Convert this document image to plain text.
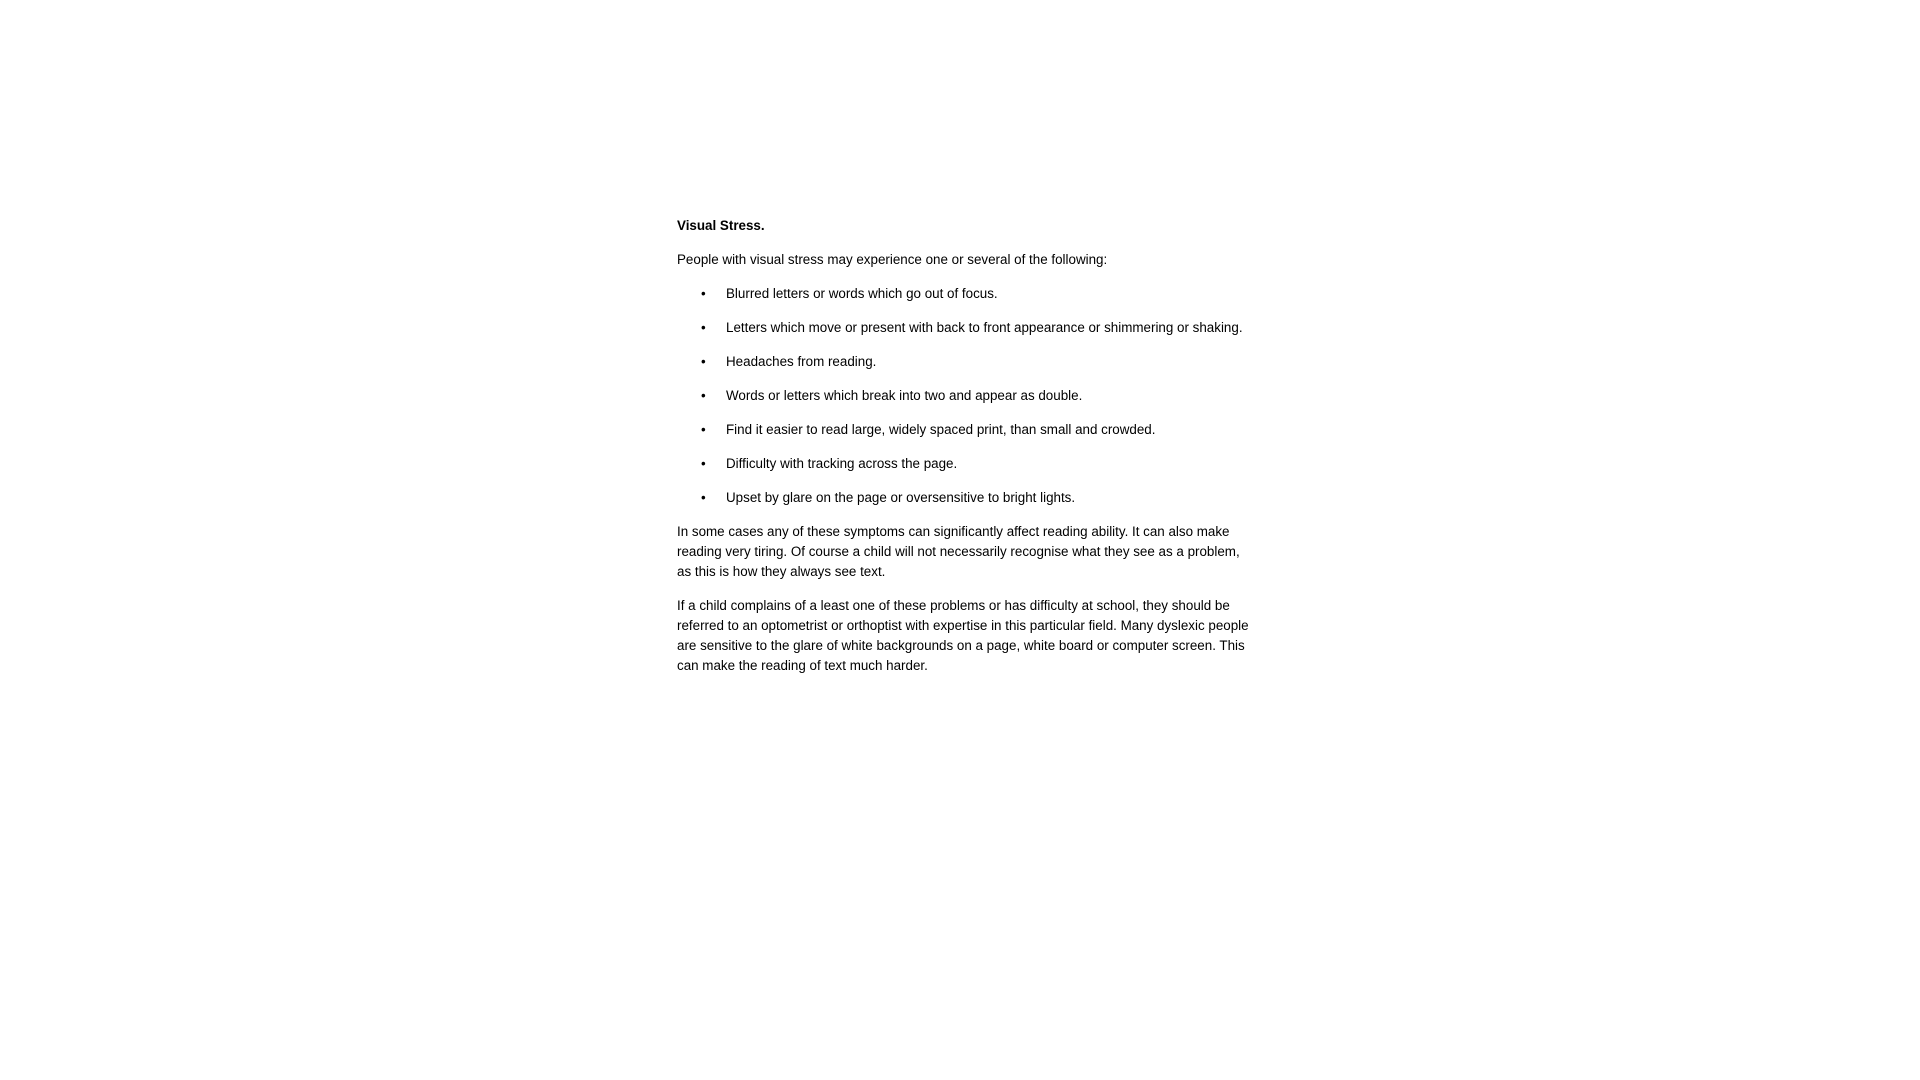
Visual Stress.

People with visual stress may experience one or several of the following:

• Blurred letters or words which go out of focus.
• Letters which move or present with back to front appearance or shimmering or shaking.
• Headaches from reading.
• Words or letters which break into two and appear as double.
• Find it easier to read large, widely spaced print, than small and crowded.
• Difficulty with tracking across the page.
• Upset by glare on the page or oversensitive to bright lights.

In some cases any of these symptoms can significantly affect reading ability. It can also make reading very tiring. Of course a child will not necessarily recognise what they see as a problem, as this is how they always see text.

If a child complains of a least one of these problems or has difficulty at school, they should be referred to an optometrist or orthoptist with expertise in this particular field. Many dyslexic people are sensitive to the glare of white backgrounds on a page, white board or computer screen. This can make the reading of text much harder.
